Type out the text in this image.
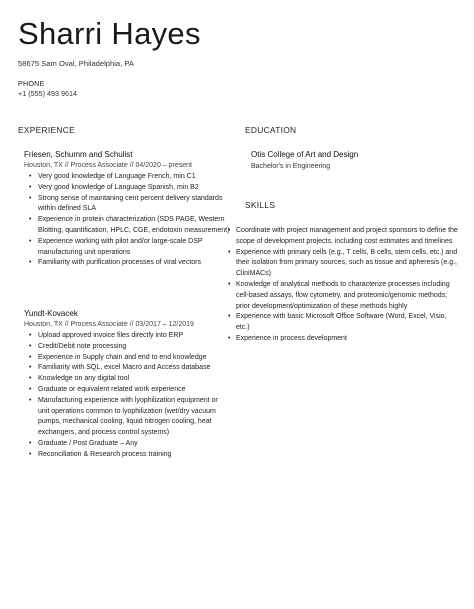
Sharri Hayes
58675 Sam Oval, Philadelphia, PA
PHONE
+1 (555) 493 9614
EXPERIENCE
Friesen, Schumm and Schulist
Houston, TX // Process Associate // 04/2020 – present
• Very good knowledge of Language French, min C1
• Very good knowledge of Language Spanish, min B2
• Strong sense of maintaning cent percent delivery standards within defined SLA
• Experience in protein characterization (SDS PAGE, Western Blotting, quantification, HPLC, CGE, endotoxin measurement)
• Experience working with pilot and/or large-scale DSP manufacturing unit operations
• Familiarity with purification processes of viral vectors
Yundt-Kovacek
Houston, TX // Process Associate // 03/2017 – 12/2019
• Upload approved invoice files directly into ERP
• Credit/Debit note processing
• Experience in Supply chain and end to end knowledge
• Familiarity with SQL, excel Macro and Access database
• Knowledge on any digital tool
• Graduate or equivalent related work experience
• Manufacturing experience with lyophilization equipment or unit operations common to lyophilization (wet/dry vacuum pumps, mechanical cooling, liquid nitrogen cooling, heat exchangers, and process control systems)
• Graduate / Post Graduate – Any
• Reconciliation & Research process training
EDUCATION
Otis College of Art and Design
Bachelor's in Engineering
SKILLS
• Coordinate with project management and project sponsors to define the scope of development projects, including cost estimates and timelines
• Experience with primary cells (e.g., T cells, B cells, stem cells, etc.) and their isolation from primary sources, such as tissue and apheresis (e.g., CliniMACs)
• Knowledge of analytical methods to characterize processes including cell-based assays, flow cytometry, and proteomic/genomic methods; prior development/optimization of these methods highly
• Experience with basic Microsoft Office Software (Word, Excel, Visio, etc.)
• Experience in process development
